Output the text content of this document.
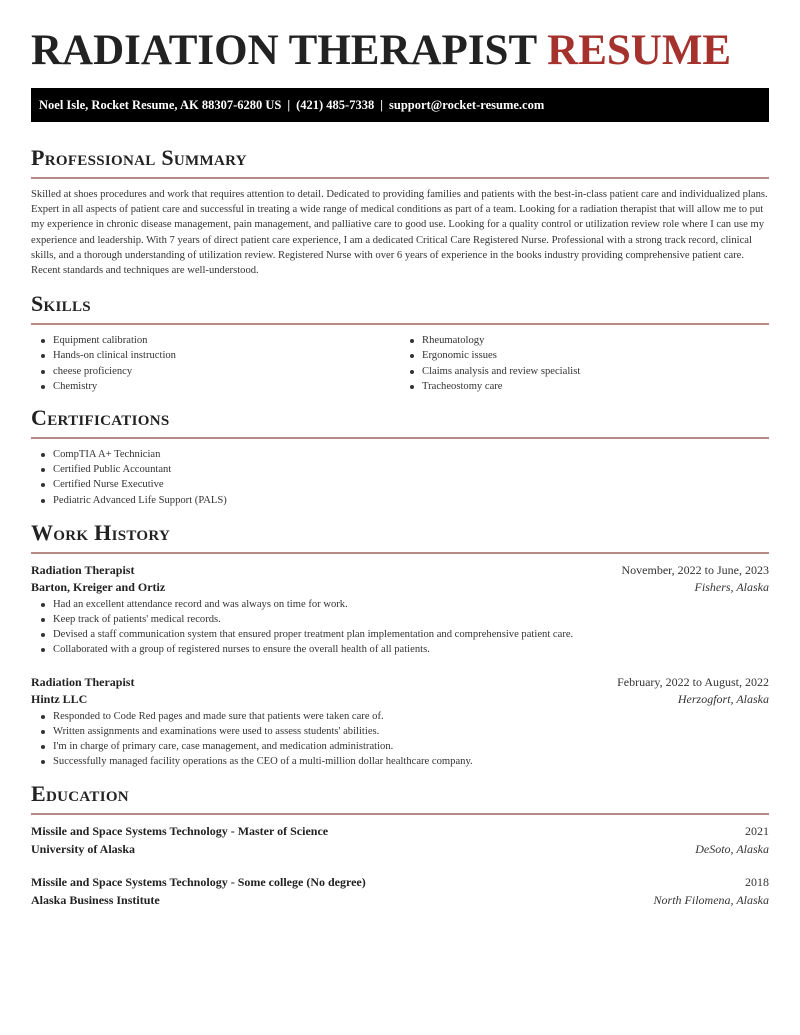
RADIATION THERAPIST RESUME
Noel Isle, Rocket Resume, AK 88307-6280 US | (421) 485-7338 | support@rocket-resume.com
Professional Summary

Skilled at shoes procedures and work that requires attention to detail. Dedicated to providing families and patients with the best-in-class patient care and individualized plans. Expert in all aspects of patient care and successful in treating a wide range of medical conditions as part of a team. Looking for a radiation therapist that will allow me to put my experience in chronic disease management, pain management, and palliative care to good use. Looking for a quality control or utilization review role where I can use my experience and leadership. With 7 years of direct patient care experience, I am a dedicated Critical Care Registered Nurse. Professional with a strong track record, clinical skills, and a thorough understanding of utilization review. Registered Nurse with over 6 years of experience in the books industry providing comprehensive patient care. Recent standards and techniques are well-understood.

Skills
Equipment calibration
Hands-on clinical instruction
cheese proficiency
Chemistry
Rheumatology
Ergonomic issues
Claims analysis and review specialist
Tracheostomy care
Certifications
CompTIA A+ Technician
Certified Public Accountant
Certified Nurse Executive
Pediatric Advanced Life Support (PALS)
Work History
Radiation Therapist	November, 2022 to June, 2023
Barton, Kreiger and Ortiz	Fishers, Alaska
Had an excellent attendance record and was always on time for work.
Keep track of patients' medical records.
Devised a staff communication system that ensured proper treatment plan implementation and comprehensive patient care.
Collaborated with a group of registered nurses to ensure the overall health of all patients.
Radiation Therapist	February, 2022 to August, 2022
Hintz LLC	Herzogfort, Alaska
Responded to Code Red pages and made sure that patients were taken care of.
Written assignments and examinations were used to assess students' abilities.
I'm in charge of primary care, case management, and medication administration.
Successfully managed facility operations as the CEO of a multi-million dollar healthcare company.
Education
Missile and Space Systems Technology - Master of Science	2021
University of Alaska	DeSoto, Alaska
Missile and Space Systems Technology - Some college (No degree)	2018
Alaska Business Institute	North Filomena, Alaska
